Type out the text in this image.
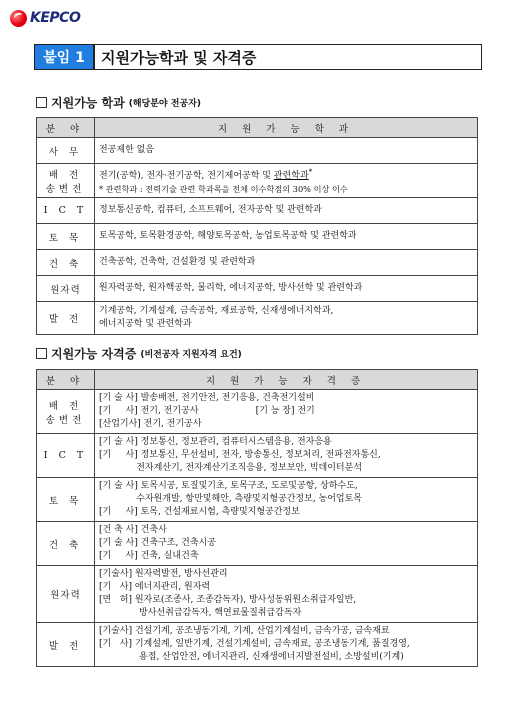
KEPCO
붙임 1	지원가능학과 및 자격증
지원가능 학과 (해당분야 전공자)
분 야	지 원 가 능 학 과
사 무	전공제한 없음

배 전 송변전	전기(공학), 전자·전기공학, 전기제어공학 및 관련학과*
* 관련학과 : 전력기술 관련 학과목을 전체 이수학점의 30% 이상 이수

I C T	정보통신공학, 컴퓨터, 소프트웨어, 전자공학 및 관련학과

토 목	토목공학, 토목환경공학, 해양토목공학, 농업토목공학 및 관련학과

건 축	건축공학, 건축학, 건설환경 및 관련학과

원자력	원자력공학, 원자핵공학, 물리학, 에너지공학, 방사선학 및 관련학과

발 전	기계공학, 기계설계, 금속공학, 재료공학, 신재생에너지학과,
에너지공학 및 관련학과
지원가능 자격증 (비전공자 지원자격 요건)
분 야	지 원 가 능 자 격 증
배 전 송변전	[기 술 사] 발송배전, 전기안전, 전기응용, 건축전기설비
[기     사] 전기, 전기공사                    [기 능 장] 전기
[산업기사] 전기, 전기공사

I C T	[기 술 사] 정보통신, 정보관리, 컴퓨터시스템응용, 전자응용
[기     사] 정보통신, 무선설비, 전자, 방송통신, 정보처리, 전파전자통신,
전자계산기, 전자계산기조직응용, 정보보안, 빅데이터분석

토 목	[기 술 사] 토목시공, 토질및기초, 토목구조, 도로및공항, 상하수도,
수자원개발, 항만및해안, 측량및지형공간정보, 농어업토목
[기     사] 토목, 건설재료시험, 측량및지형공간정보

건 축	[건 축 사] 건축사
[기 술 사] 건축구조, 건축시공
[기     사] 건축, 실내건축

원자력	[기술사] 원자력발전, 방사선관리
[기   사] 에너지관리, 원자력
[면   허] 원자로(조종사, 조종감독자), 방사성동위원소취급자일반,
방사선취급감독자, 핵연료물질취급감독자

발 전	[기술사] 건설기계, 공조냉동기계, 기계, 산업기계설비, 금속가공, 금속재료
[기   사] 기계설계, 일반기계, 건설기계설비, 금속재료, 공조냉동기계, 품질경영,
용접, 산업안전, 에너지관리, 신재생에너지발전설비, 소방설비(기계)
